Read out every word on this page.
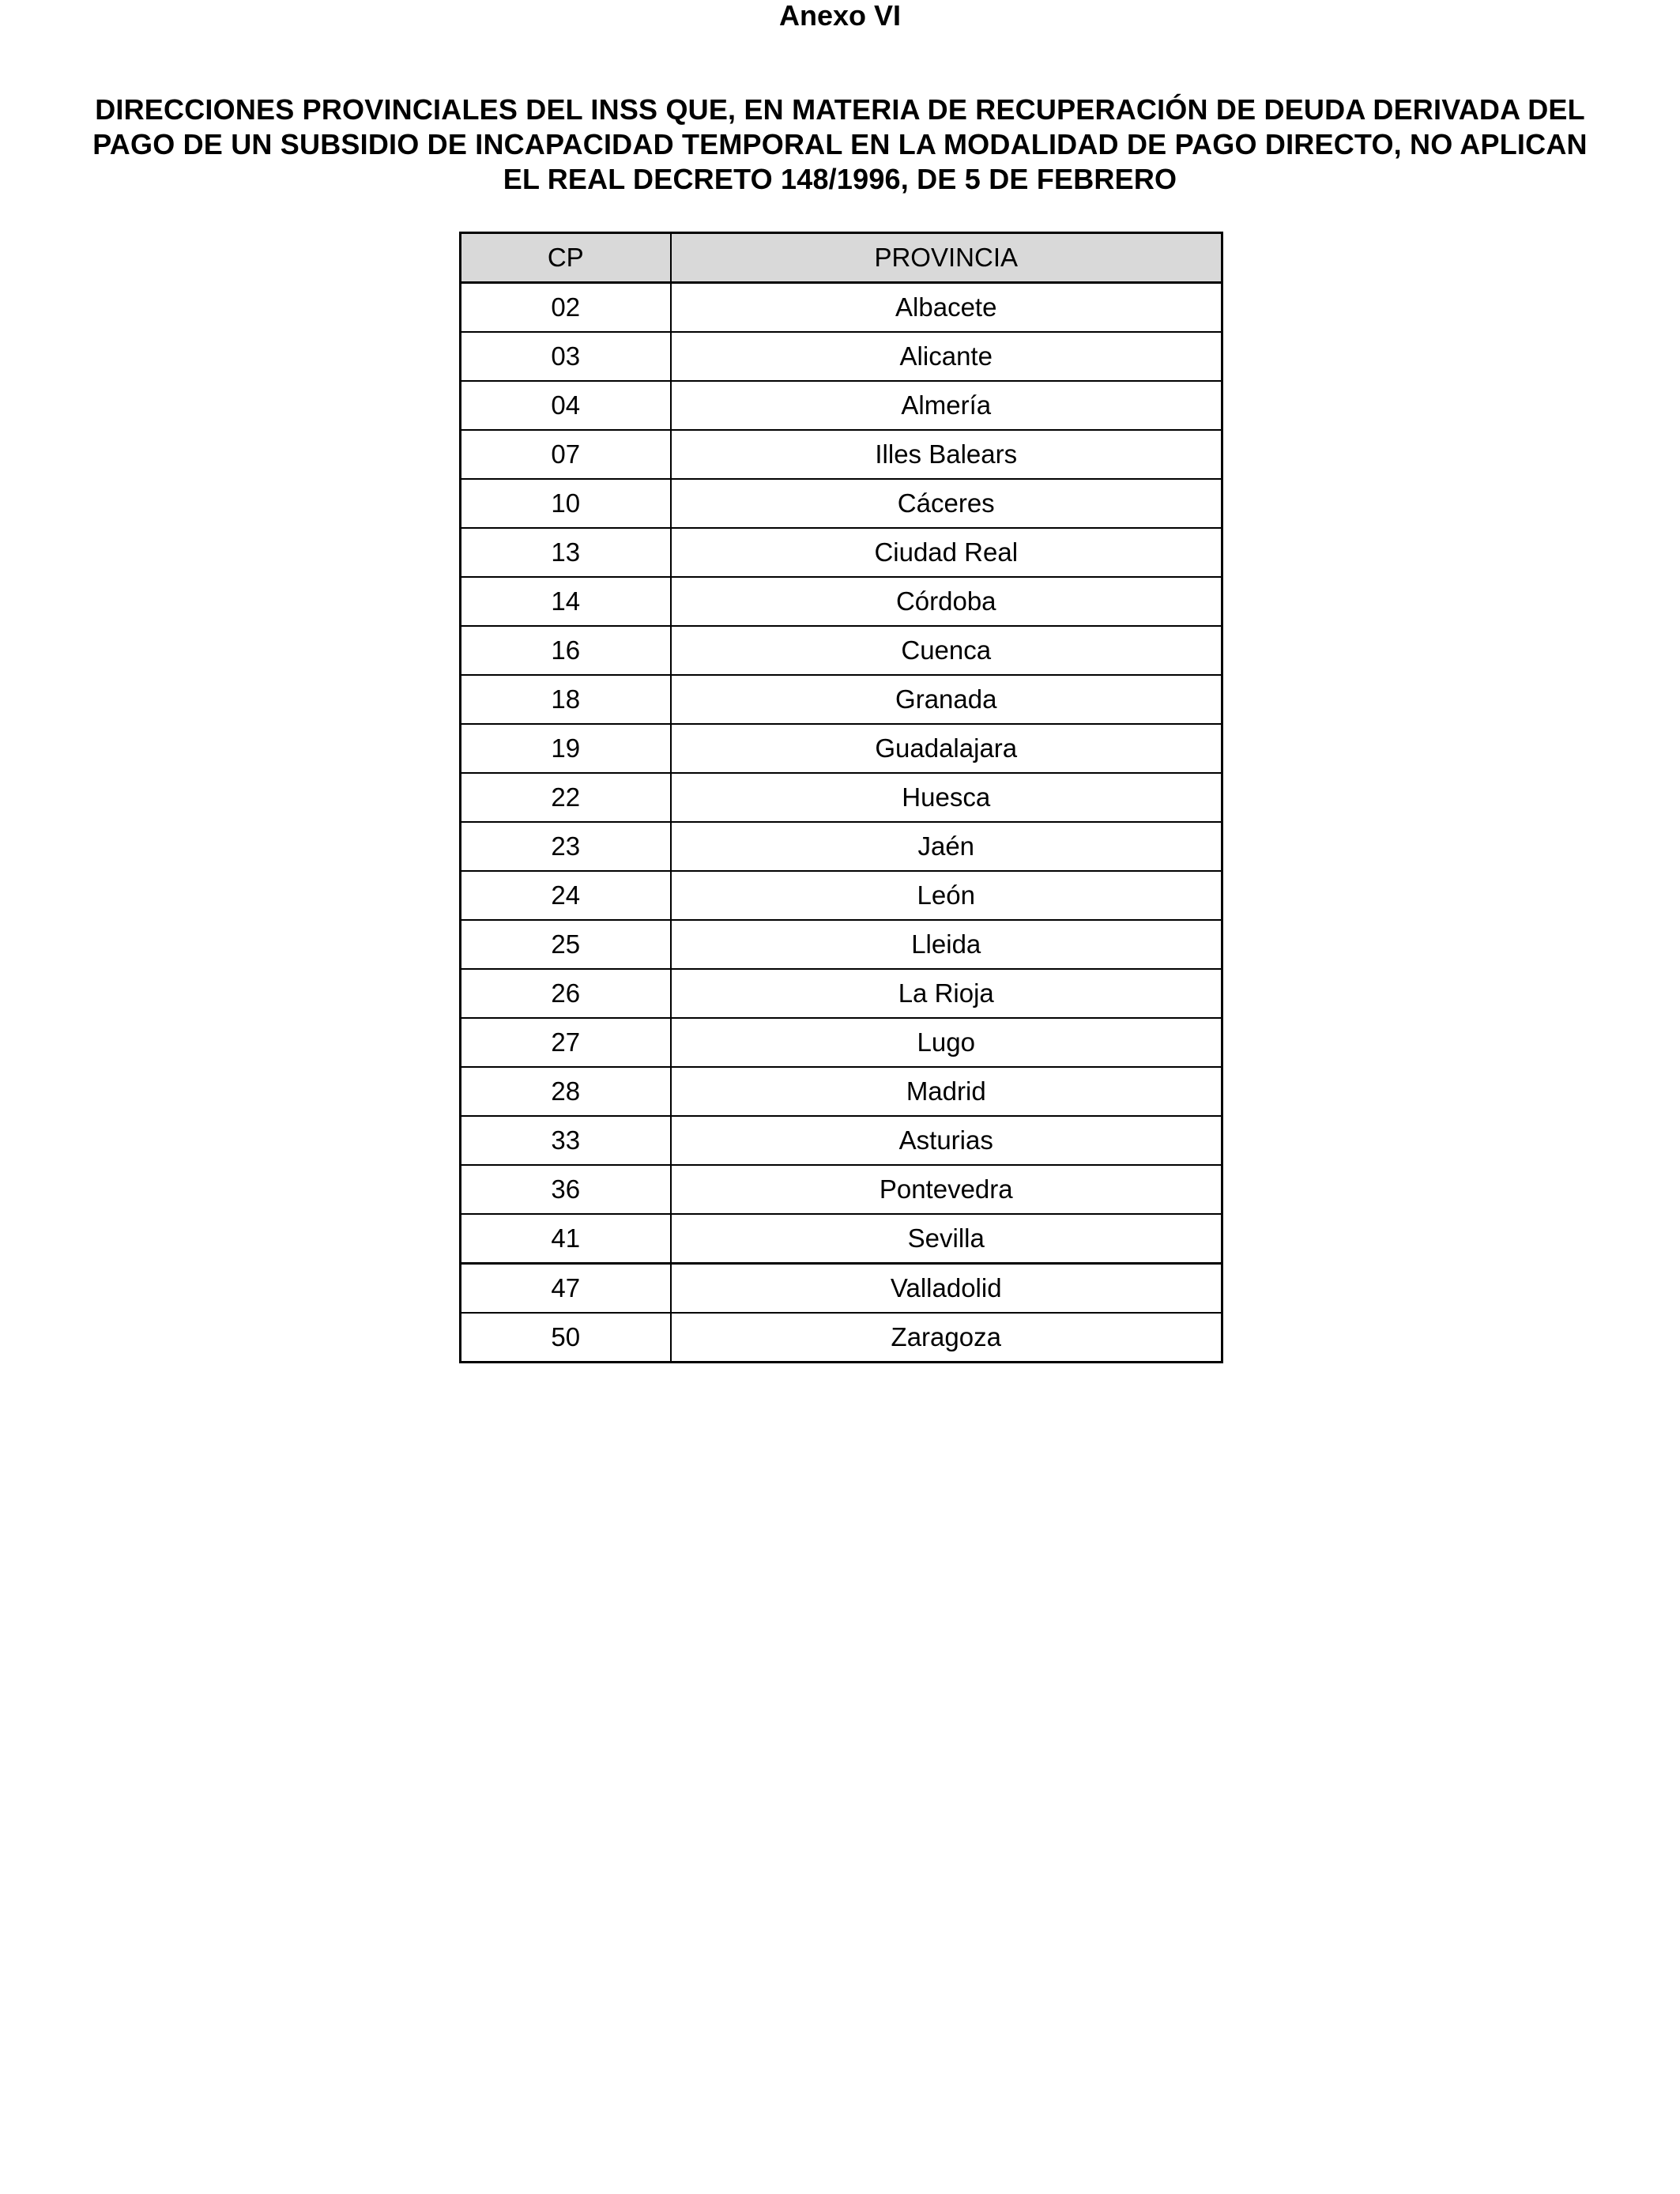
Anexo VI
DIRECCIONES PROVINCIALES DEL INSS QUE, EN MATERIA DE RECUPERACIÓN DE DEUDA DERIVADA DEL PAGO DE UN SUBSIDIO DE INCAPACIDAD TEMPORAL EN LA MODALIDAD DE PAGO DIRECTO, NO APLICAN EL REAL DECRETO 148/1996, DE 5 DE FEBRERO
CP	PROVINCIA
02	Albacete
03	Alicante
04	Almería
07	Illes Balears
10	Cáceres
13	Ciudad Real
14	Córdoba
16	Cuenca
18	Granada
19	Guadalajara
22	Huesca
23	Jaén
24	León
25	Lleida
26	La Rioja
27	Lugo
28	Madrid
33	Asturias
36	Pontevedra
41	Sevilla
47	Valladolid
50	Zaragoza
